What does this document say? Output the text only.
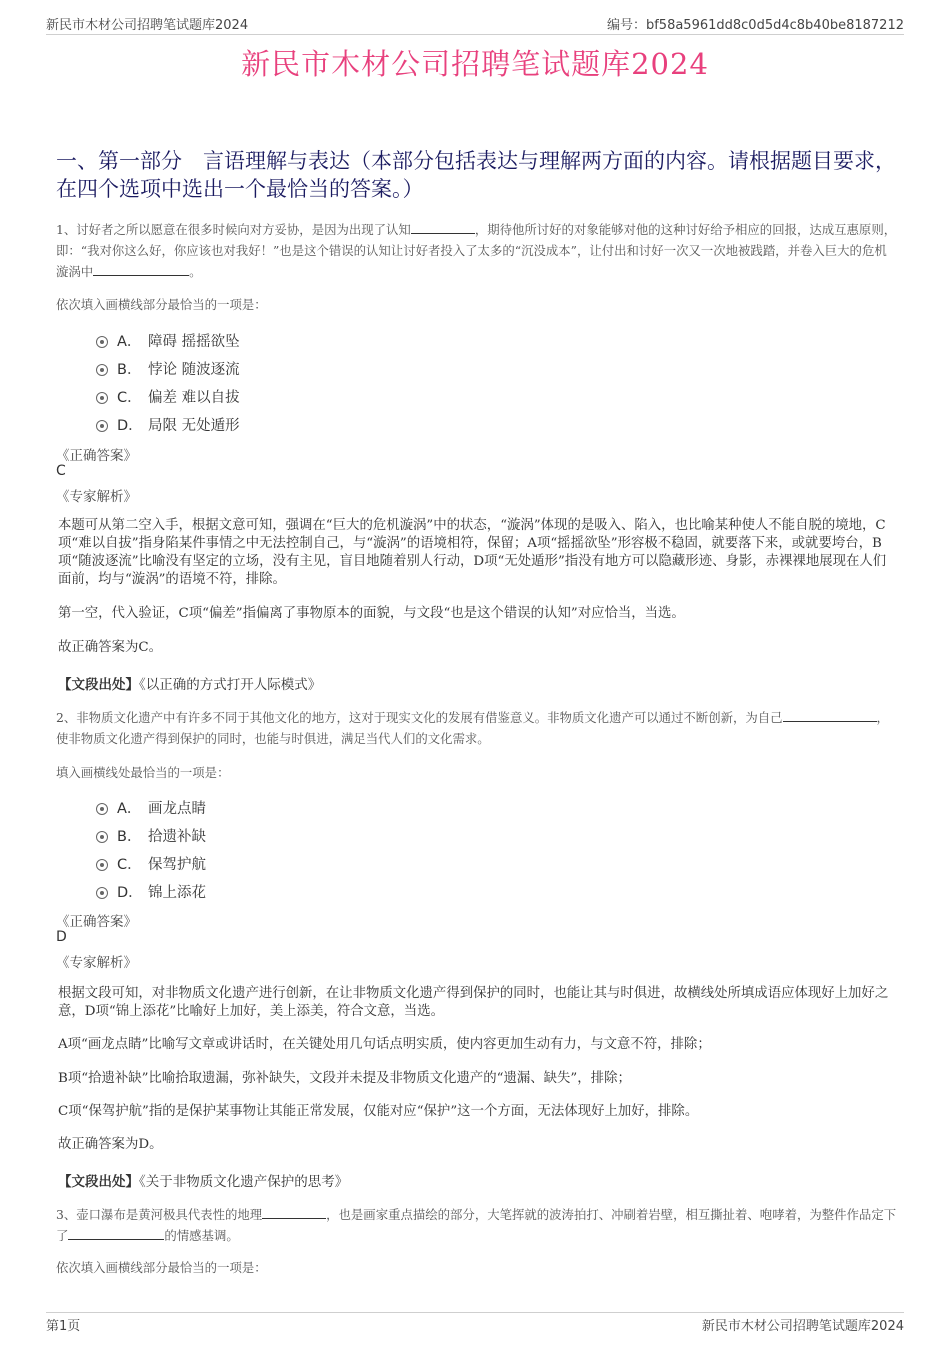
新民市木材公司招聘笔试题库2024	编号：bf58a5961dd8c0d5d4c8b40be8187212
新民市木材公司招聘笔试题库2024
一、第一部分　言语理解与表达（本部分包括表达与理解两方面的内容。请根据题目要求，在四个选项中选出一个最恰当的答案。）
1、讨好者之所以愿意在很多时候向对方妥协，是因为出现了认知	，期待他所讨好的对象能够对他的这种讨好给予相应的回报，达成互惠原则，即：“我对你这么好，你应该也对我好！”也是这个错误的认知让讨好者投入了太多的“沉没成本”，让付出和讨好一次又一次地被践踏，并卷入巨大的危机漩涡中	。
依次填入画横线部分最恰当的一项是：
A． 障碍 摇摇欲坠
B． 悖论 随波逐流
C． 偏差 难以自拔
D． 局限 无处遁形
《正确答案》
C
《专家解析》
本题可从第二空入手，根据文意可知，强调在“巨大的危机漩涡”中的状态，“漩涡”体现的是吸入、陷入，也比喻某种使人不能自脱的境地，C项“难以自拔”指身陷某件事情之中无法控制自己，与“漩涡”的语境相符，保留；A项“摇摇欲坠”形容极不稳固，就要落下来，或就要垮台，B项“随波逐流”比喻没有坚定的立场，没有主见，盲目地随着别人行动，D项“无处遁形”指没有地方可以隐藏形迹、身影，赤裸裸地展现在人们面前，均与“漩涡”的语境不符，排除。
第一空，代入验证，C项“偏差”指偏离了事物原本的面貌，与文段“也是这个错误的认知”对应恰当，当选。
故正确答案为C。
【文段出处】《以正确的方式打开人际模式》
2、非物质文化遗产中有许多不同于其他文化的地方，这对于现实文化的发展有借鉴意义。非物质文化遗产可以通过不断创新，为自己	，使非物质文化遗产得到保护的同时，也能与时俱进，满足当代人们的文化需求。
填入画横线处最恰当的一项是：
A． 画龙点睛
B． 拾遗补缺
C． 保驾护航
D． 锦上添花
《正确答案》
D
《专家解析》
根据文段可知，对非物质文化遗产进行创新，在让非物质文化遗产得到保护的同时，也能让其与时俱进，故横线处所填成语应体现好上加好之意，D项“锦上添花”比喻好上加好，美上添美，符合文意，当选。
A项“画龙点睛”比喻写文章或讲话时，在关键处用几句话点明实质，使内容更加生动有力，与文意不符，排除；
B项“拾遗补缺”比喻拾取遗漏，弥补缺失，文段并未提及非物质文化遗产的“遗漏、缺失”，排除；
C项“保驾护航”指的是保护某事物让其能正常发展，仅能对应“保护”这一个方面，无法体现好上加好，排除。
故正确答案为D。
【文段出处】《关于非物质文化遗产保护的思考》
3、壶口瀑布是黄河极具代表性的地理	，也是画家重点描绘的部分，大笔挥就的波涛拍打、冲刷着岩壁，相互撕扯着、咆哮着，为整件作品定下了	的情感基调。
依次填入画横线部分最恰当的一项是：
第1页	新民市木材公司招聘笔试题库2024
